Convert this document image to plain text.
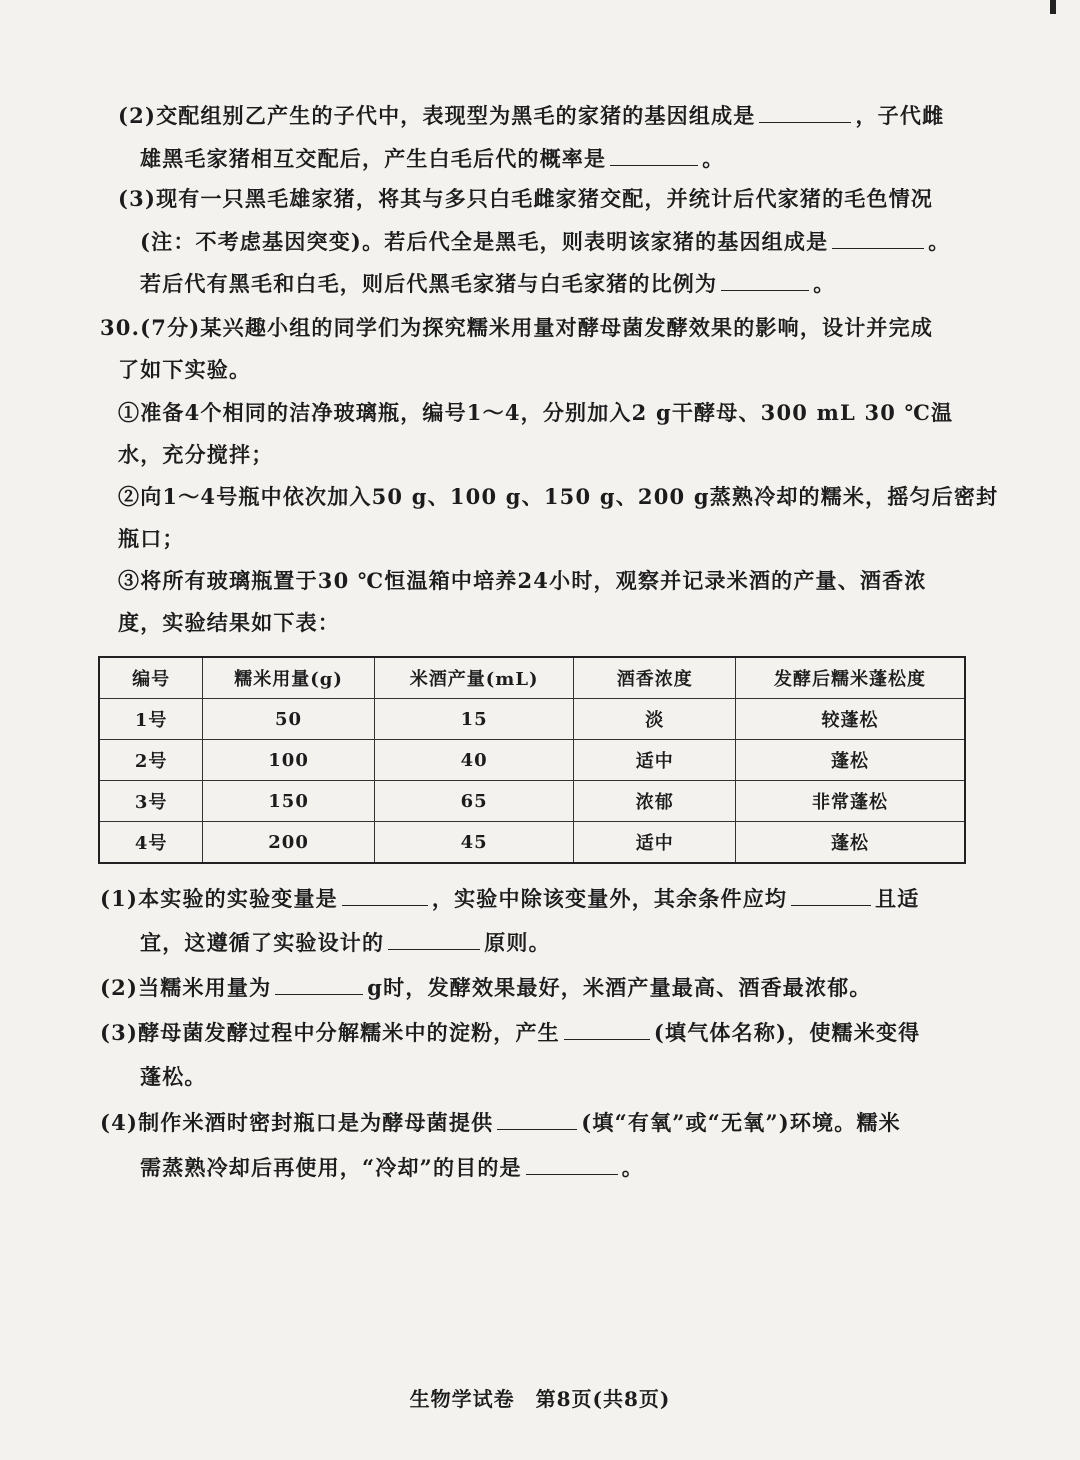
(2)交配组别乙产生的子代中，表现型为黑毛的家猪的基因组成是	，子代雌
雄黑毛家猪相互交配后，产生白毛后代的概率是	。
(3)现有一只黑毛雄家猪，将其与多只白毛雌家猪交配，并统计后代家猪的毛色情况
(注：不考虑基因突变)。若后代全是黑毛，则表明该家猪的基因组成是	。
若后代有黑毛和白毛，则后代黑毛家猪与白毛家猪的比例为	。
30.(7分)某兴趣小组的同学们为探究糯米用量对酵母菌发酵效果的影响，设计并完成
了如下实验。
①准备4个相同的洁净玻璃瓶，编号1～4，分别加入2 g干酵母、300 mL 30 ℃温
水，充分搅拌；
②向1～4号瓶中依次加入50 g、100 g、150 g、200 g蒸熟冷却的糯米，摇匀后密封
瓶口；
③将所有玻璃瓶置于30 ℃恒温箱中培养24小时，观察并记录米酒的产量、酒香浓
度，实验结果如下表：
编号	糯米用量(g)	米酒产量(mL)	酒香浓度	发酵后糯米蓬松度
1号	50	15	淡	较蓬松
2号	100	40	适中	蓬松
3号	150	65	浓郁	非常蓬松
4号	200	45	适中	蓬松
(1)本实验的实验变量是	，实验中除该变量外，其余条件应均	且适
宜，这遵循了实验设计的	原则。
(2)当糯米用量为	g时，发酵效果最好，米酒产量最高、酒香最浓郁。
(3)酵母菌发酵过程中分解糯米中的淀粉，产生	(填气体名称)，使糯米变得
蓬松。
(4)制作米酒时密封瓶口是为酵母菌提供	(填“有氧”或“无氧”)环境。糯米
需蒸熟冷却后再使用，“冷却”的目的是	。
生物学试卷　第8页(共8页)
